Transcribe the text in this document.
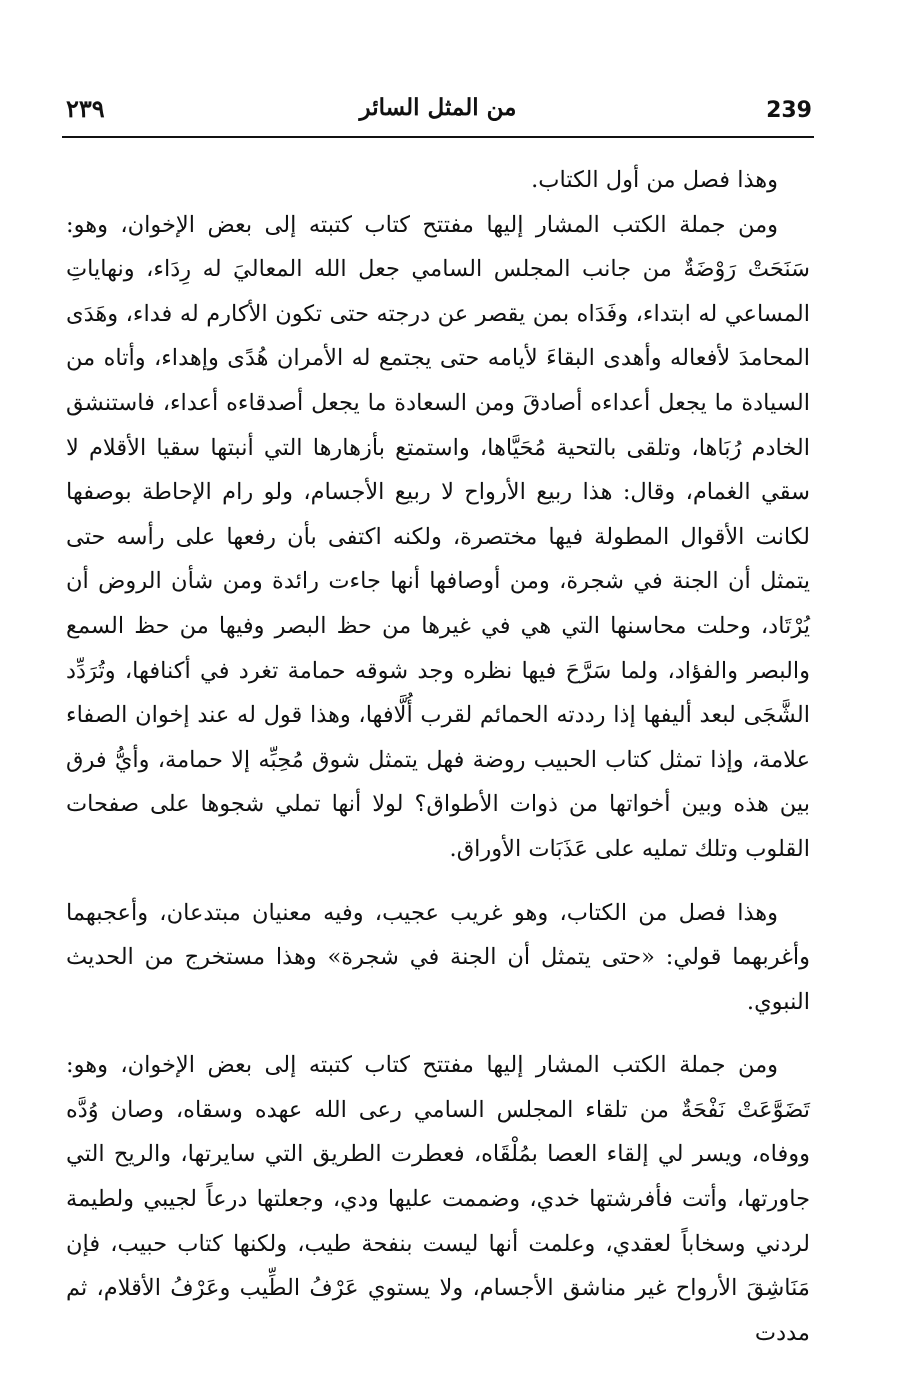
239
من المثل السائر
٢٣٩

وهذا فصل من أول الكتاب.

ومن جملة الكتب المشار إليها مفتتح كتاب كتبته إلى بعض الإخوان، وهو: سَنَحَتْ رَوْضَةٌ من جانب المجلس السامي جعل الله المعاليَ له رِدَاء، ونهاياتِ المساعي له ابتداء، وفَدَاه بمن يقصر عن درجته حتى تكون الأكارم له فداء، وهَدَى المحامدَ لأفعاله وأهدى البقاءَ لأيامه حتى يجتمع له الأمران هُدًى وإهداء، وأتاه من السيادة ما يجعل أعداءه أصادقَ ومن السعادة ما يجعل أصدقاءه أعداء، فاستنشق الخادم رُبَاها، وتلقى بالتحية مُحَيَّاها، واستمتع بأزهارها التي أنبتها سقيا الأقلام لا سقي الغمام، وقال: هذا ربيع الأرواح لا ربيع الأجسام، ولو رام الإحاطة بوصفها لكانت الأقوال المطولة فيها مختصرة، ولكنه اكتفى بأن رفعها على رأسه حتى يتمثل أن الجنة في شجرة، ومن أوصافها أنها جاءت رائدة ومن شأن الروض أن يُرْتَاد، وحلت محاسنها التي هي في غيرها من حظ البصر وفيها من حظ السمع والبصر والفؤاد، ولما سَرَّحَ فيها نظره وجد شوقه حمامة تغرد في أكنافها، وتُرَدِّد الشَّجَى لبعد أليفها إذا رددته الحمائم لقرب أُلَّافها، وهذا قول له عند إخوان الصفاء علامة، وإذا تمثل كتاب الحبيب روضة فهل يتمثل شوق مُحِبِّه إلا حمامة، وأيُّ فرق بين هذه وبين أخواتها من ذوات الأطواق؟ لولا أنها تملي شجوها على صفحات القلوب وتلك تمليه على عَذَبَات الأوراق.

وهذا فصل من الكتاب، وهو غريب عجيب، وفيه معنيان مبتدعان، وأعجبهما وأغربهما قولي: «حتى يتمثل أن الجنة في شجرة» وهذا مستخرج من الحديث النبوي.

ومن جملة الكتب المشار إليها مفتتح كتاب كتبته إلى بعض الإخوان، وهو: تَضَوَّعَتْ نَفْحَةٌ من تلقاء المجلس السامي رعى الله عهده وسقاه، وصان وُدَّه ووفاه، ويسر لي إلقاء العصا بمُلْقَاه، فعطرت الطريق التي سايرتها، والريح التي جاورتها، وأتت فأفرشتها خدي، وضممت عليها ودي، وجعلتها درعاً لجيبي ولطيمة لردني وسخاباً لعقدي، وعلمت أنها ليست بنفحة طيب، ولكنها كتاب حبيب، فإن مَنَاشِقَ الأرواح غير مناشق الأجسام، ولا يستوي عَرْفُ الطِّيب وعَرْفُ الأقلام، ثم مددت
